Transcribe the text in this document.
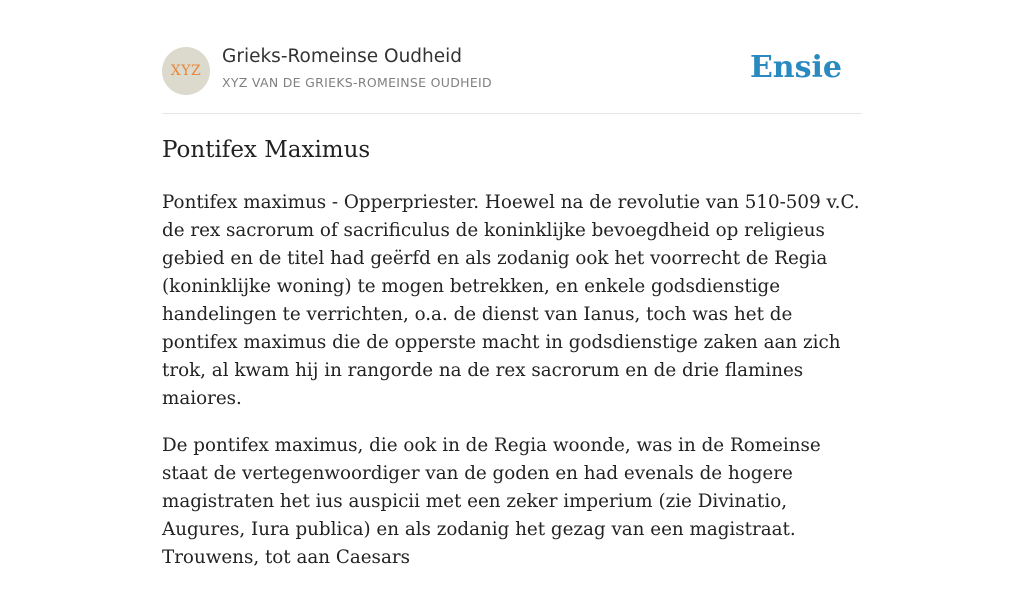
XYZ
Grieks-Romeinse Oudheid
XYZ VAN DE GRIEKS-ROMEINSE OUDHEID	Ensie
Pontifex Maximus

Pontifex maximus - Opperpriester. Hoewel na de revolutie van 510-509 v.C. de rex sacrorum of sacrificulus de koninklijke bevoegdheid op religieus gebied en de titel had geërfd en als zodanig ook het voorrecht de Regia (koninklijke woning) te mogen betrekken, en enkele godsdienstige handelingen te verrichten, o.a. de dienst van Ianus, toch was het de pontifex maximus die de opperste macht in godsdienstige zaken aan zich trok, al kwam hij in rangorde na de rex sacrorum en de drie flamines maiores.

De pontifex maximus, die ook in de Regia woonde, was in de Romeinse staat de vertegenwoordiger van de goden en had evenals de hogere magistraten het ius auspicii met een zeker imperium (zie Divinatio, Augures, Iura publica) en als zodanig het gezag van een magistraat. Trouwens, tot aan Caesars
